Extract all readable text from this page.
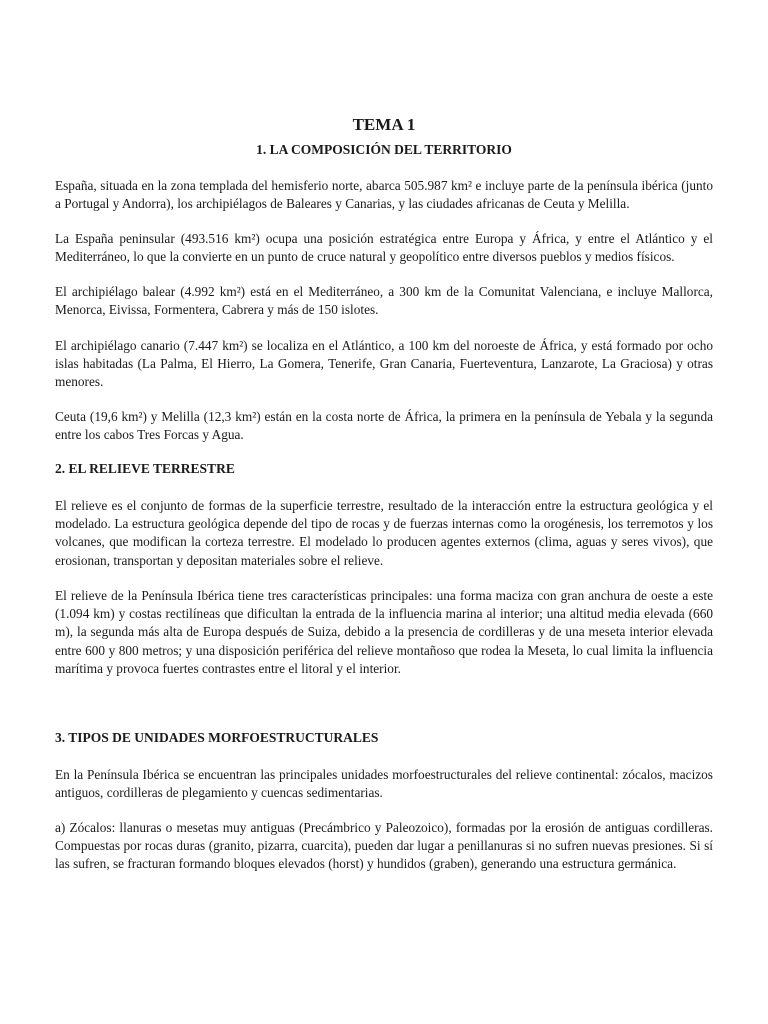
TEMA 1
1. LA COMPOSICIÓN DEL TERRITORIO

España, situada en la zona templada del hemisferio norte, abarca 505.987 km² e incluye parte de la península ibérica (junto a Portugal y Andorra), los archipiélagos de Baleares y Canarias, y las ciudades africanas de Ceuta y Melilla.

La España peninsular (493.516 km²) ocupa una posición estratégica entre Europa y África, y entre el Atlántico y el Mediterráneo, lo que la convierte en un punto de cruce natural y geopolítico entre diversos pueblos y medios físicos.

El archipiélago balear (4.992 km²) está en el Mediterráneo, a 300 km de la Comunitat Valenciana, e incluye Mallorca, Menorca, Eivissa, Formentera, Cabrera y más de 150 islotes.

El archipiélago canario (7.447 km²) se localiza en el Atlántico, a 100 km del noroeste de África, y está formado por ocho islas habitadas (La Palma, El Hierro, La Gomera, Tenerife, Gran Canaria, Fuerteventura, Lanzarote, La Graciosa) y otras menores.

Ceuta (19,6 km²) y Melilla (12,3 km²) están en la costa norte de África, la primera en la península de Yebala y la segunda entre los cabos Tres Forcas y Agua.

2. EL RELIEVE TERRESTRE

El relieve es el conjunto de formas de la superficie terrestre, resultado de la interacción entre la estructura geológica y el modelado. La estructura geológica depende del tipo de rocas y de fuerzas internas como la orogénesis, los terremotos y los volcanes, que modifican la corteza terrestre. El modelado lo producen agentes externos (clima, aguas y seres vivos), que erosionan, transportan y depositan materiales sobre el relieve.

El relieve de la Península Ibérica tiene tres características principales: una forma maciza con gran anchura de oeste a este (1.094 km) y costas rectilíneas que dificultan la entrada de la influencia marina al interior; una altitud media elevada (660 m), la segunda más alta de Europa después de Suiza, debido a la presencia de cordilleras y de una meseta interior elevada entre 600 y 800 metros; y una disposición periférica del relieve montañoso que rodea la Meseta, lo cual limita la influencia marítima y provoca fuertes contrastes entre el litoral y el interior.

3. TIPOS DE UNIDADES MORFOESTRUCTURALES

En la Península Ibérica se encuentran las principales unidades morfoestructurales del relieve continental: zócalos, macizos antiguos, cordilleras de plegamiento y cuencas sedimentarias.

a) Zócalos: llanuras o mesetas muy antiguas (Precámbrico y Paleozoico), formadas por la erosión de antiguas cordilleras. Compuestas por rocas duras (granito, pizarra, cuarcita), pueden dar lugar a penillanuras si no sufren nuevas presiones. Si sí las sufren, se fracturan formando bloques elevados (horst) y hundidos (graben), generando una estructura germánica.
